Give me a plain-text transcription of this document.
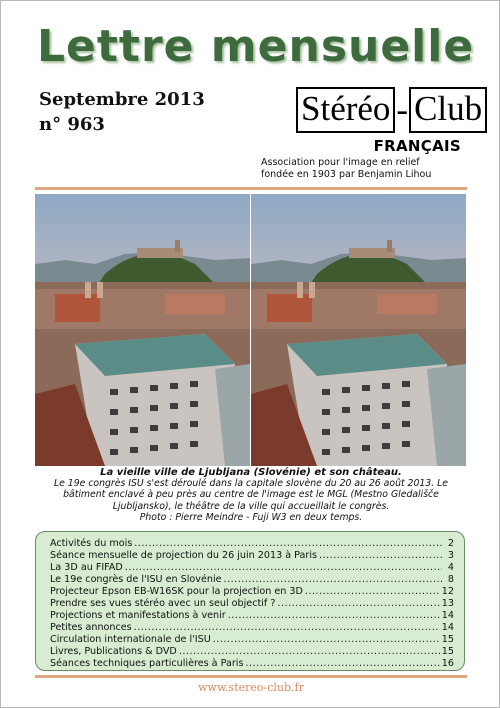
Lettre mensuelle
Septembre 2013
n° 963	Stéréo - Club
FRANÇAIS
Association pour l'image en relief
fondée en 1903 par Benjamin Lihou
La vieille ville de Ljubljana (Slovénie) et son château.
Le 19e congrès ISU s'est déroulé dans la capitale slovène du 20 au 26 août 2013. Le
bâtiment enclavé à peu près au centre de l'image est le MGL (Mestno Gledališče
Ljubljansko), le théâtre de la ville qui accueillait le congrès.
Photo : Pierre Meindre - Fuji W3 en deux temps.
Activités du mois .....	2
Séance mensuelle de projection du 26 juin 2013 à Paris .....	3
La 3D au FIFAD .....	4
Le 19e congrès de l'ISU en Slovénie .....	8
Projecteur Epson EB-W16SK pour la projection en 3D .....	12
Prendre ses vues stéréo avec un seul objectif ? .....	13
Projections et manifestations à venir .....	14
Petites annonces .....	14
Circulation internationale de l'ISU .....	15
Livres, Publications & DVD .....	15
Séances techniques particulières à Paris .....	16
www.stereo-club.fr
